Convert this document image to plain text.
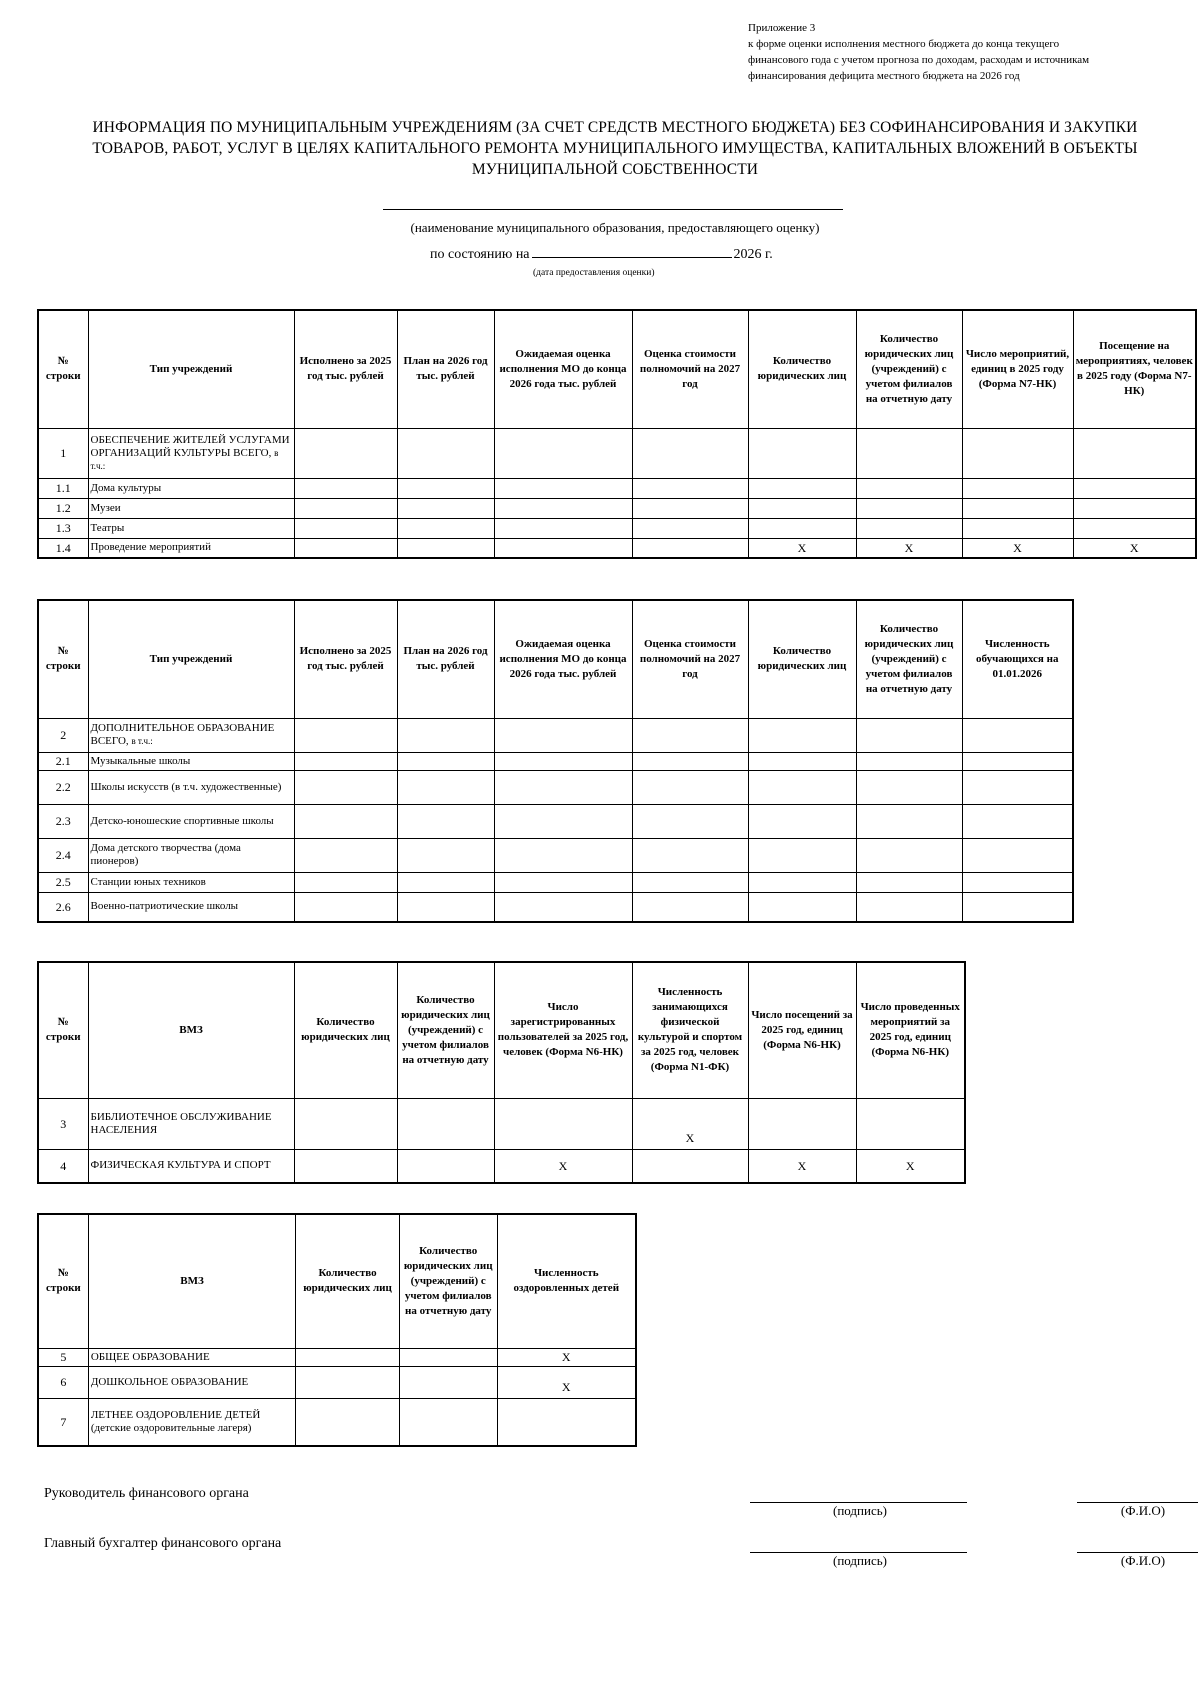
Приложение 3
к форме оценки исполнения местного бюджета до конца текущего
финансового года с учетом прогноза по доходам, расходам и источникам
финансирования дефицита местного бюджета на 2026 год
ИНФОРМАЦИЯ ПО МУНИЦИПАЛЬНЫМ УЧРЕЖДЕНИЯМ (ЗА СЧЕТ СРЕДСТВ МЕСТНОГО БЮДЖЕТА) БЕЗ СОФИНАНСИРОВАНИЯ И ЗАКУПКИ
ТОВАРОВ, РАБОТ, УСЛУГ В ЦЕЛЯХ КАПИТАЛЬНОГО РЕМОНТА МУНИЦИПАЛЬНОГО ИМУЩЕСТВА, КАПИТАЛЬНЫХ ВЛОЖЕНИЙ В ОБЪЕКТЫ
МУНИЦИПАЛЬНОЙ СОБСТВЕННОСТИ
(наименование муниципального образования, предоставляющего оценку)
по состоянию на	2026 г.
(дата предоставления оценки)
№ строки	Тип учреждений	Исполнено за 2025 год тыс. рублей	План на 2026 год тыс. рублей	Ожидаемая оценка исполнения МО до конца 2026 года тыс. рублей	Оценка стоимости полномочий на 2027 год	Количество юридических лиц	Количество юридических лиц (учреждений) с учетом филиалов на отчетную дату	Число мероприятий, единиц в 2025 году (Форма N7-НК)	Посещение на мероприятиях, человек в 2025 году (Форма N7-НК)
1	ОБЕСПЕЧЕНИЕ ЖИТЕЛЕЙ УСЛУГАМИ ОРГАНИЗАЦИЙ КУЛЬТУРЫ ВСЕГО, в т.ч.:								
1.1	Дома культуры								
1.2	Музеи								
1.3	Театры								
1.4	Проведение мероприятий					Х	Х	Х	Х
№ строки	Тип учреждений	Исполнено за 2025 год тыс. рублей	План на 2026 год тыс. рублей	Ожидаемая оценка исполнения МО до конца 2026 года тыс. рублей	Оценка стоимости полномочий на 2027 год	Количество юридических лиц	Количество юридических лиц (учреждений) с учетом филиалов на отчетную дату	Численность обучающихся на 01.01.2026
2	ДОПОЛНИТЕЛЬНОЕ ОБРАЗОВАНИЕ ВСЕГО, в т.ч.:							
2.1	Музыкальные школы							
2.2	Школы искусств (в т.ч. художественные)							
2.3	Детско-юношеские спортивные школы							
2.4	Дома детского творчества (дома пионеров)							
2.5	Станции юных техников							
2.6	Военно-патриотические школы							
№ строки	ВМЗ	Количество юридических лиц	Количество юридических лиц (учреждений) с учетом филиалов на отчетную дату	Число зарегистрированных пользователей за 2025 год, человек (Форма N6-НК)	Численность занимающихся физической культурой и спортом за 2025 год, человек (Форма N1-ФК)	Число посещений за 2025 год, единиц (Форма N6-НК)	Число проведенных мероприятий за 2025 год, единиц (Форма N6-НК)
3	БИБЛИОТЕЧНОЕ ОБСЛУЖИВАНИЕ НАСЕЛЕНИЯ				Х		
4	ФИЗИЧЕСКАЯ КУЛЬТУРА И СПОРТ			Х		Х	Х
№ строки	ВМЗ	Количество юридических лиц	Количество юридических лиц (учреждений) с учетом филиалов на отчетную дату	Численность оздоровленных детей
5	ОБЩЕЕ ОБРАЗОВАНИЕ			Х
6	ДОШКОЛЬНОЕ ОБРАЗОВАНИЕ			Х
7	ЛЕТНЕЕ ОЗДОРОВЛЕНИЕ ДЕТЕЙ (детские оздоровительные лагеря)			
Руководитель финансового органа
(подпись)	(Ф.И.О)
Главный бухгалтер финансового органа
(подпись)	(Ф.И.О)
